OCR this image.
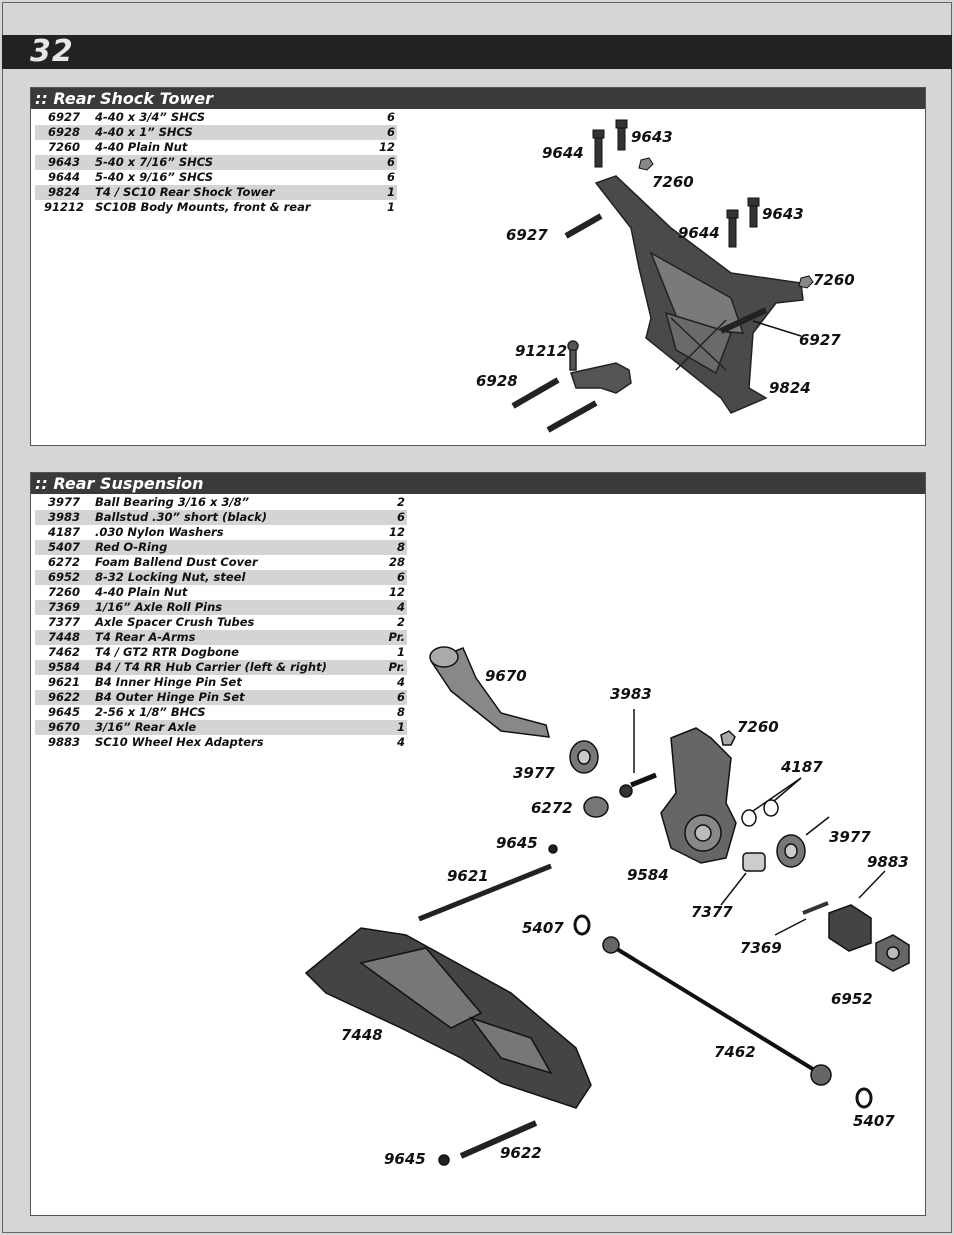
32
:: Rear Shock Tower
6927	4-40 x 3/4” SHCS	6
6928	4-40 x 1” SHCS	6
7260	4-40 Plain Nut	12
9643	5-40 x 7/16” SHCS	6
9644	5-40 x 9/16” SHCS	6
9824	T4 / SC10 Rear Shock Tower	1
91212	SC10B Body Mounts, front & rear	1
9644
9643
7260
6927	9644
9643
7260
6927
91212
6928	9824
:: Rear Suspension
3977	Ball Bearing 3/16 x 3/8”	2
3983	Ballstud .30” short (black)	6
4187	.030 Nylon Washers	12
5407	Red O-Ring	8
6272	Foam Ballend Dust Cover	28
6952	8-32 Locking Nut, steel	6
7260	4-40 Plain Nut	12
7369	1/16” Axle Roll Pins	4
7377	Axle Spacer Crush Tubes	2
7448	T4 Rear A-Arms	Pr.
7462	T4 / GT2 RTR Dogbone	1
9584	B4 / T4 RR Hub Carrier (left & right)	Pr.
9621	B4 Inner Hinge Pin Set	4
9622	B4 Outer Hinge Pin Set	6
9645	2-56 x 1/8” BHCS	8
9670	3/16” Rear Axle	1
9883	SC10 Wheel Hex Adapters	4
9670
3983
7260
4187
3977
6272
3977
9645
9883
9621	9584
7377
5407
7369
6952
7448
7462
5407
9645	9622
